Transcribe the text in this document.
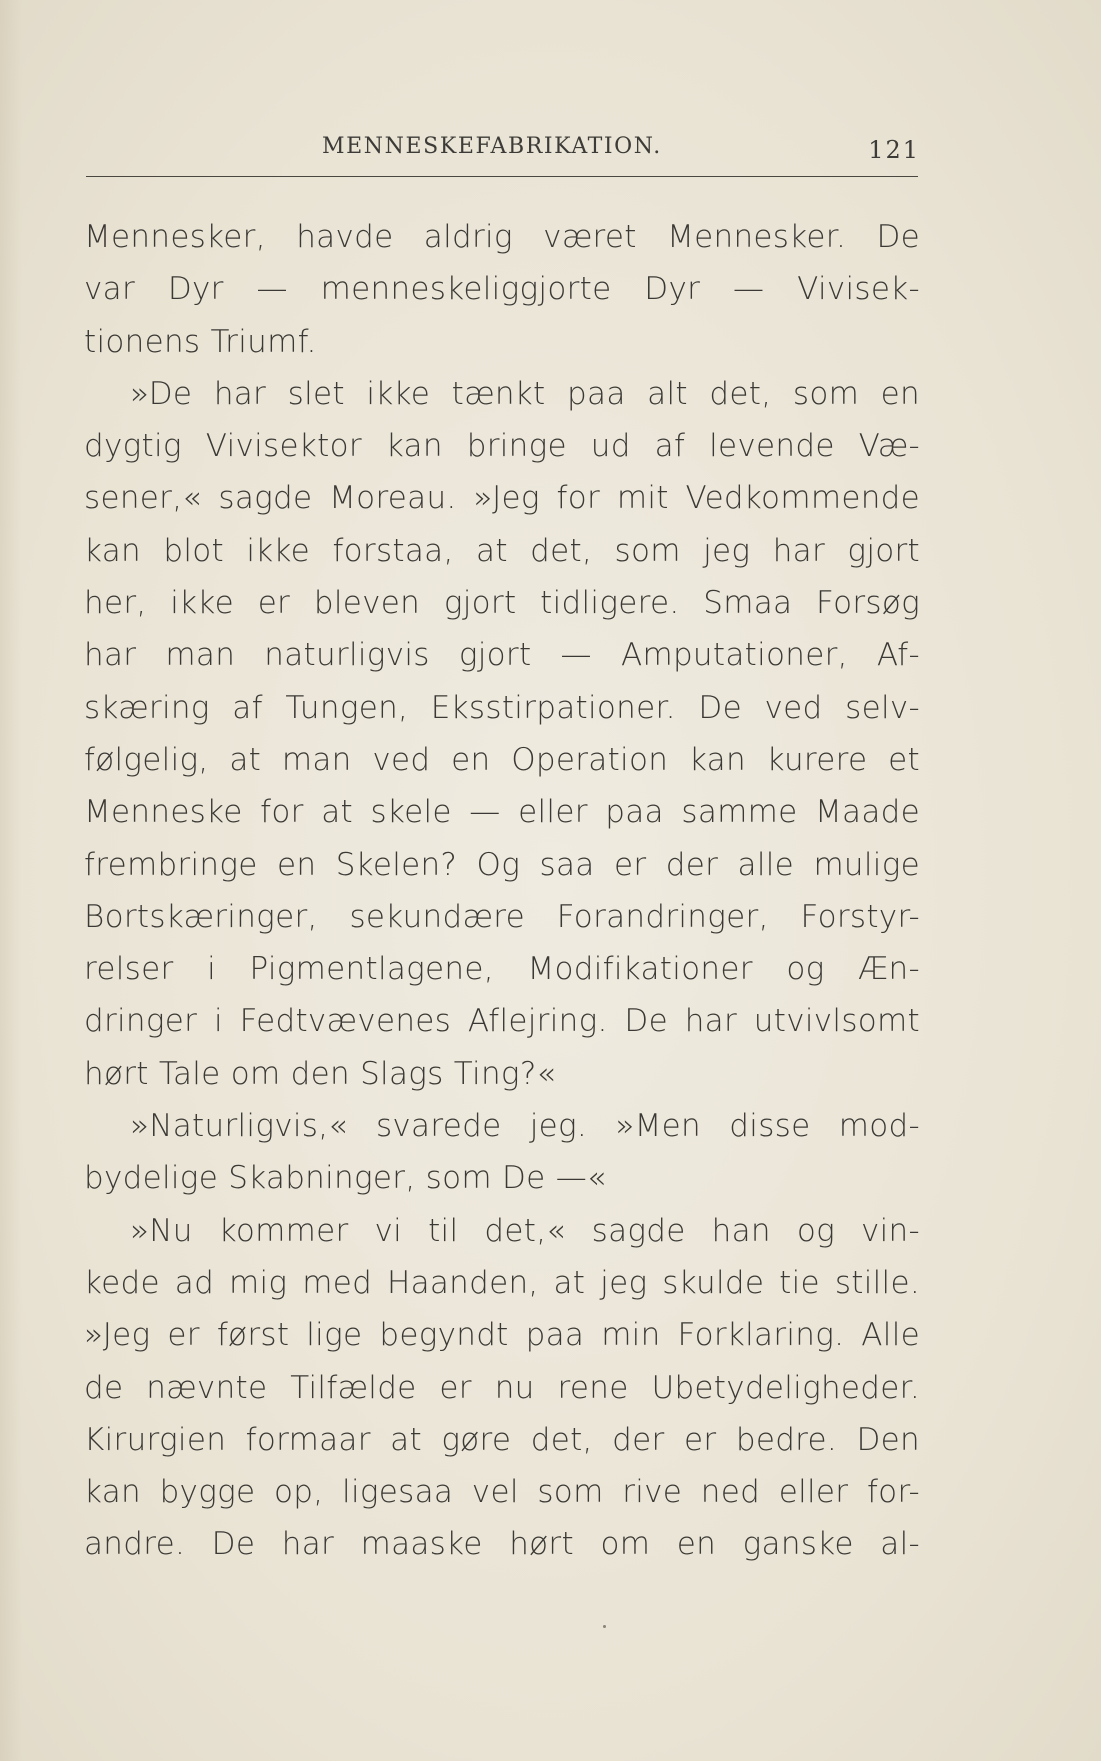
MENNESKEFABRIKATION.	121
Mennesker, havde aldrig været Mennesker. De
var Dyr — menneskeliggjorte Dyr — Vivisek-
tionens Triumf.
»De har slet ikke tænkt paa alt det, som en
dygtig Vivisektor kan bringe ud af levende Væ-
sener,« sagde Moreau. »Jeg for mit Vedkommende
kan blot ikke forstaa, at det, som jeg har gjort
her, ikke er bleven gjort tidligere. Smaa Forsøg
har man naturligvis gjort — Amputationer, Af-
skæring af Tungen, Eksstirpationer. De ved selv-
følgelig, at man ved en Operation kan kurere et
Menneske for at skele — eller paa samme Maade
frembringe en Skelen? Og saa er der alle mulige
Bortskæringer, sekundære Forandringer, Forstyr-
relser i Pigmentlagene, Modifikationer og Æn-
dringer i Fedtvævenes Aflejring. De har utvivlsomt
hørt Tale om den Slags Ting?«
»Naturligvis,« svarede jeg. »Men disse mod-
bydelige Skabninger, som De —«
»Nu kommer vi til det,« sagde han og vin-
kede ad mig med Haanden, at jeg skulde tie stille.
»Jeg er først lige begyndt paa min Forklaring. Alle
de nævnte Tilfælde er nu rene Ubetydeligheder.
Kirurgien formaar at gøre det, der er bedre. Den
kan bygge op, ligesaa vel som rive ned eller for-
andre. De har maaske hørt om en ganske al-
